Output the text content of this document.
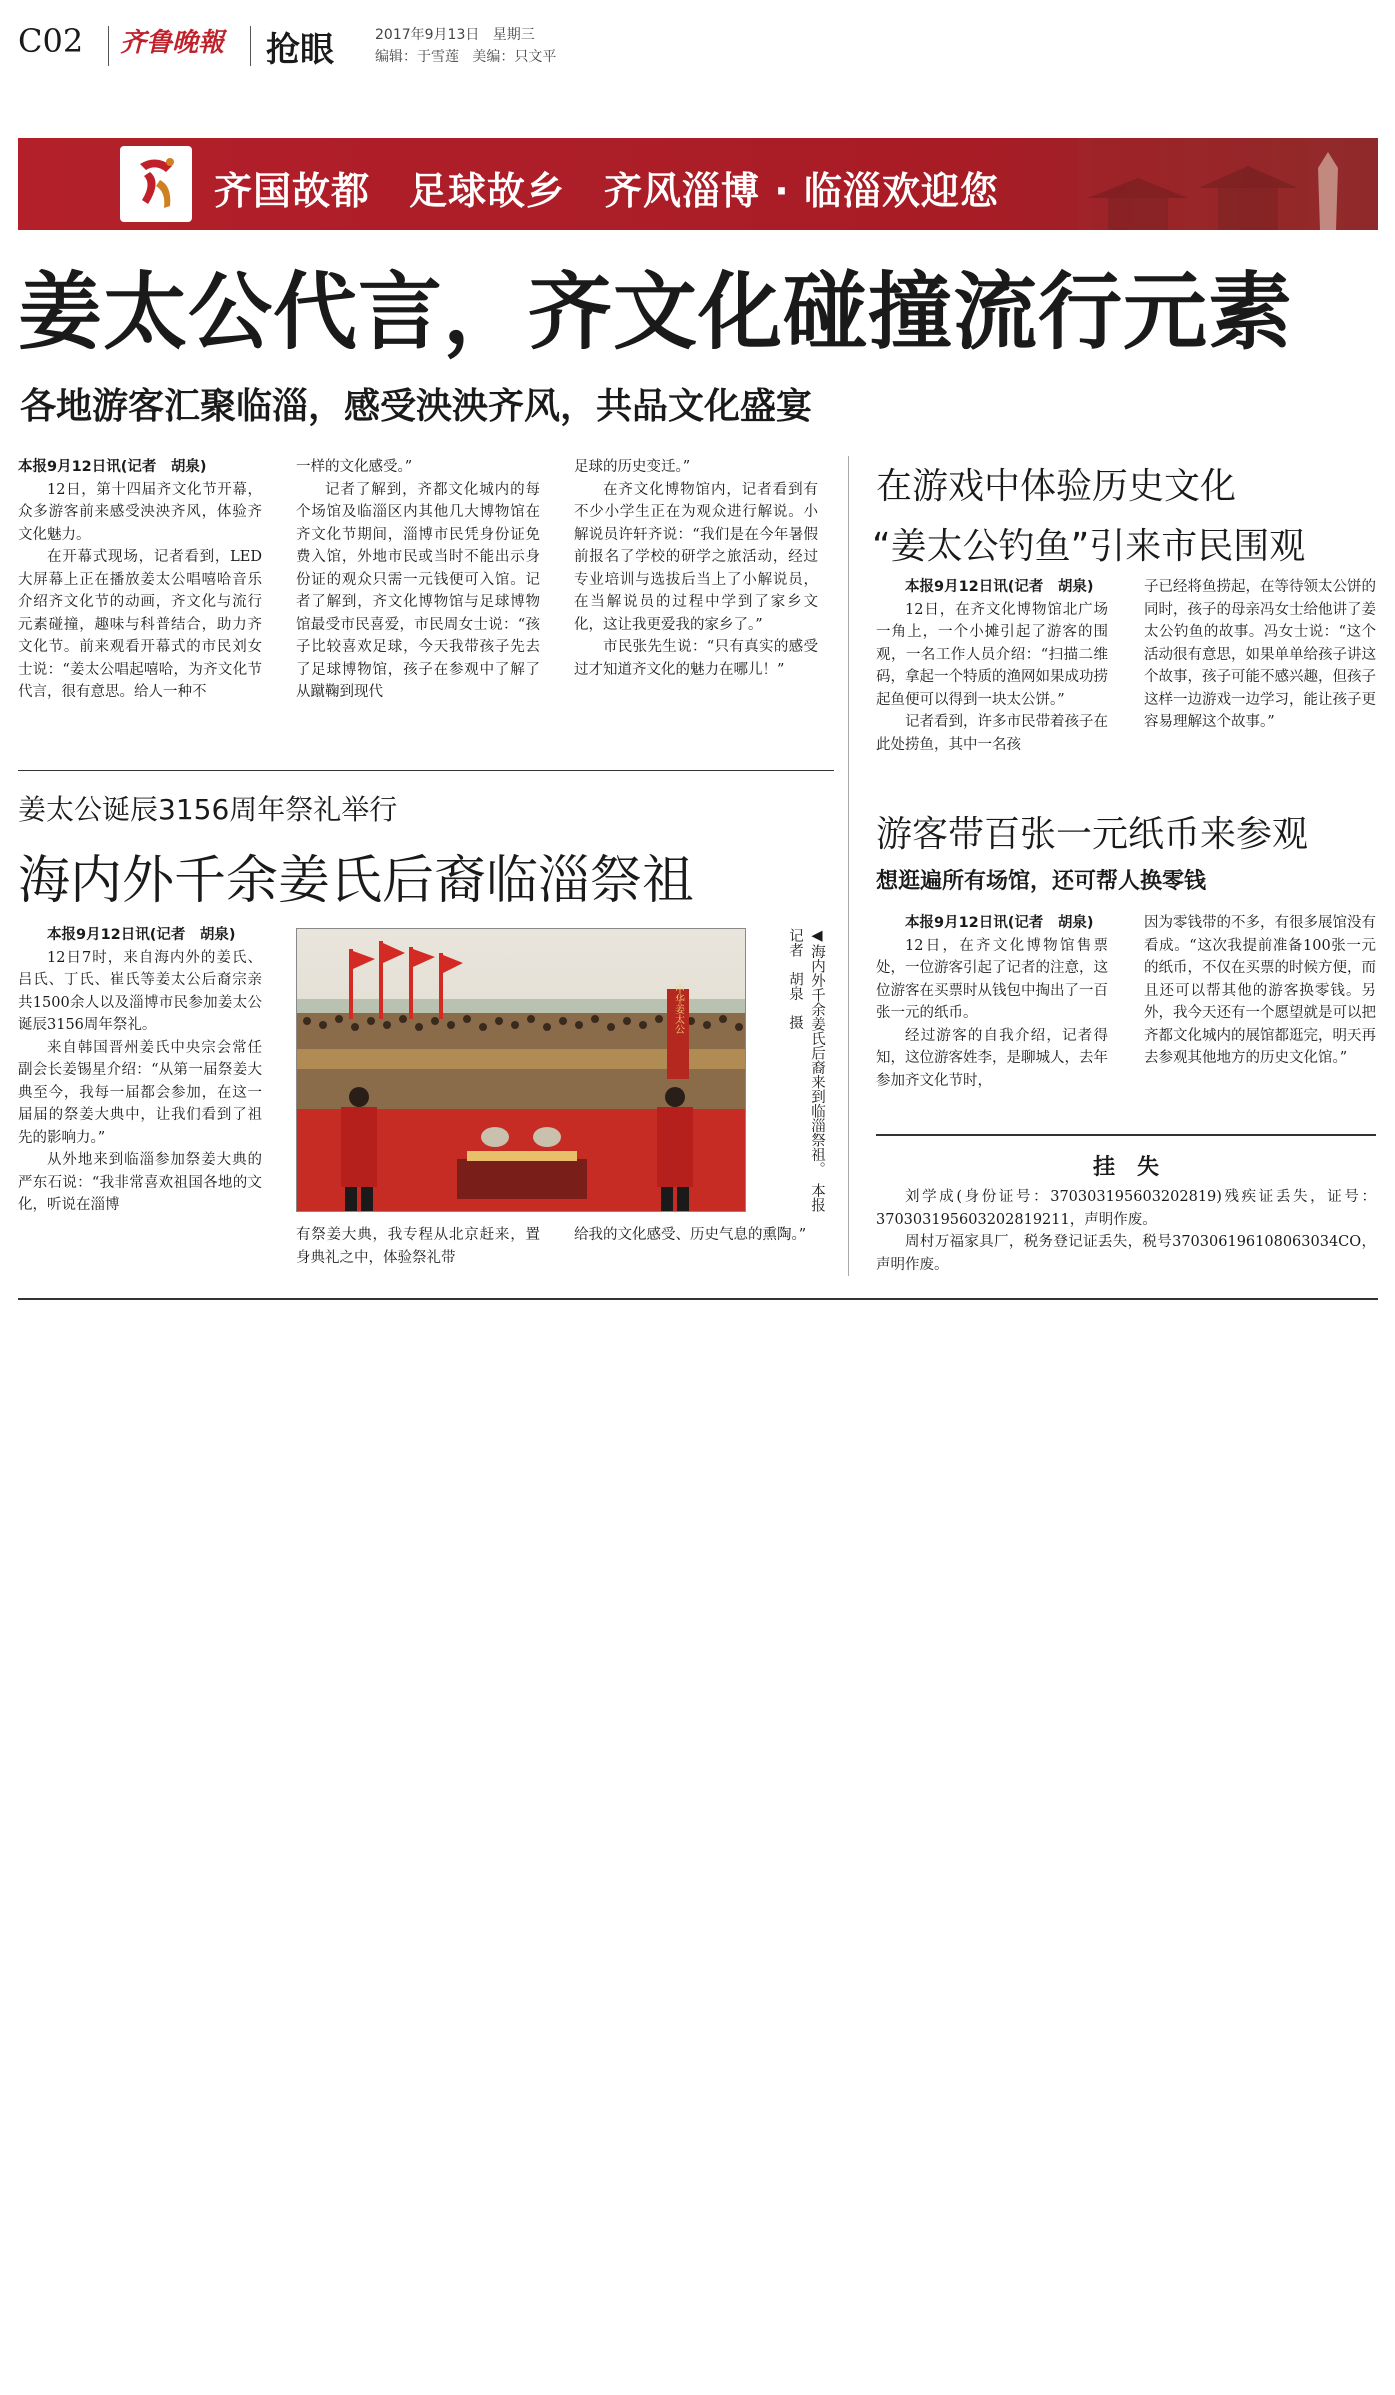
C02 齐鲁晚報 抢眼	2017年9月13日 星期三
编辑：于雪莲 美编：只文平
齐国故都　足球故乡　齐风淄博 · 临淄欢迎您
姜太公代言，齐文化碰撞流行元素
各地游客汇聚临淄，感受泱泱齐风，共品文化盛宴

本报9月12日讯(记者　胡泉)

12日，第十四届齐文化节开幕，众多游客前来感受泱泱齐风，体验齐文化魅力。

在开幕式现场，记者看到，LED大屏幕上正在播放姜太公唱嘻哈音乐介绍齐文化节的动画，齐文化与流行元素碰撞，趣味与科普结合，助力齐文化节。前来观看开幕式的市民刘女士说：“姜太公唱起嘻哈，为齐文化节代言，很有意思。给人一种不

一样的文化感受。”

记者了解到，齐都文化城内的每个场馆及临淄区内其他几大博物馆在齐文化节期间，淄博市民凭身份证免费入馆，外地市民或当时不能出示身份证的观众只需一元钱便可入馆。记者了解到，齐文化博物馆与足球博物馆最受市民喜爱，市民周女士说：“孩子比较喜欢足球，今天我带孩子先去了足球博物馆，孩子在参观中了解了从蹴鞠到现代

足球的历史变迁。”

在齐文化博物馆内，记者看到有不少小学生正在为观众进行解说。小解说员许轩齐说：“我们是在今年暑假前报名了学校的研学之旅活动，经过专业培训与选拔后当上了小解说员，在当解说员的过程中学到了家乡文化，这让我更爱我的家乡了。”

市民张先生说：“只有真实的感受过才知道齐文化的魅力在哪儿！”

在游戏中体验历史文化
“姜太公钓鱼”引来市民围观

本报9月12日讯(记者　胡泉)

12日，在齐文化博物馆北广场一角上，一个小摊引起了游客的围观，一名工作人员介绍：“扫描二维码，拿起一个特质的渔网如果成功捞起鱼便可以得到一块太公饼。”

记者看到，许多市民带着孩子在此处捞鱼，其中一名孩

子已经将鱼捞起，在等待领太公饼的同时，孩子的母亲冯女士给他讲了姜太公钓鱼的故事。冯女士说：“这个活动很有意思，如果单单给孩子讲这个故事，孩子可能不感兴趣，但孩子这样一边游戏一边学习，能让孩子更容易理解这个故事。”

姜太公诞辰3156周年祭礼举行
海内外千余姜氏后裔临淄祭祖

本报9月12日讯(记者　胡泉)

12日7时，来自海内外的姜氏、吕氏、丁氏、崔氏等姜太公后裔宗亲共1500余人以及淄博市民参加姜太公诞辰3156周年祭礼。

来自韩国晋州姜氏中央宗会常任副会长姜锡星介绍：“从第一届祭姜大典至今，我每一届都会参加，在这一届届的祭姜大典中，让我们看到了祖先的影响力。”

从外地来到临淄参加祭姜大典的严东石说：“我非常喜欢祖国各地的文化，听说在淄博

中华姜太公	◀海内外千余姜氏后裔来到临淄祭祖。　本报记者　胡泉　摄

有祭姜大典，我专程从北京赶来，置身典礼之中，体验祭礼带

给我的文化感受、历史气息的熏陶。”

游客带百张一元纸币来参观
想逛遍所有场馆，还可帮人换零钱

本报9月12日讯(记者　胡泉)

12日，在齐文化博物馆售票处，一位游客引起了记者的注意，这位游客在买票时从钱包中掏出了一百张一元的纸币。

经过游客的自我介绍，记者得知，这位游客姓李，是聊城人，去年参加齐文化节时，

因为零钱带的不多，有很多展馆没有看成。“这次我提前准备100张一元的纸币，不仅在买票的时候方便，而且还可以帮其他的游客换零钱。另外，我今天还有一个愿望就是可以把齐都文化城内的展馆都逛完，明天再去参观其他地方的历史文化馆。”

挂　失

刘学成(身份证号：370303195603202819)残疾证丢失，证号：370303195603202819211，声明作废。

周村万福家具厂，税务登记证丢失，税号370306196108063034CO，声明作废。
